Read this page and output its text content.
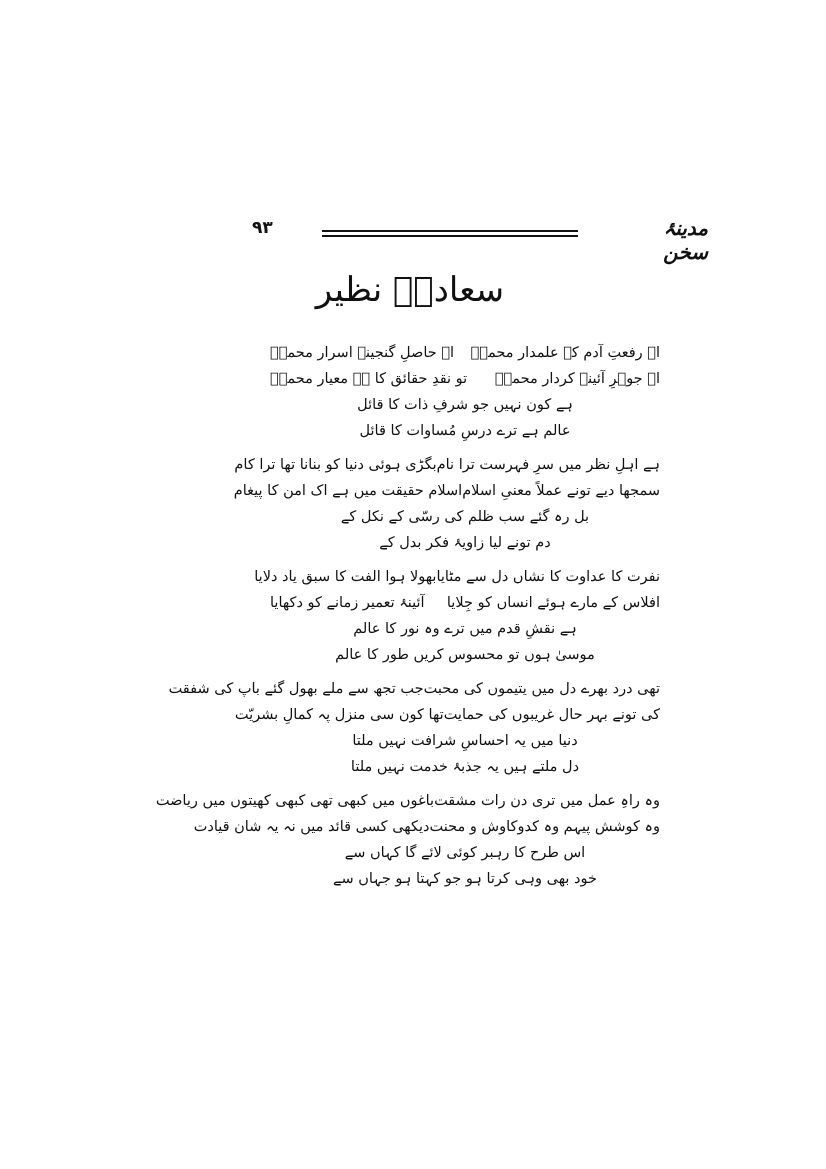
مدینۂ سخن
۹۳
سعادتؔ نظیر
اے رفعتِ آدم کے علمدار محمدؐ
اے حاصلِ گنجینۂ اسرار محمدؐ
اے جوہرِ آئینۂ کردار محمدؐ
تو نقدِ حقائق کا ہے معیار محمدؐ
ہے کون نہیں جو شرفِ ذات کا قائل
عالم ہے ترے درسِ مُساوات کا قائل
ہے اہلِ نظر میں سرِ فہرست ترا نام
بگڑی ہوئی دنیا کو بنانا تھا ترا کام
سمجھا دیے تونے عملاً معنیِ اسلام
اسلام حقیقت میں ہے اک امن کا پیغام
بل رہ گئے سب ظلم کی رسّی کے نکل کے
دم تونے لیا زاویۂ فکر بدل کے
نفرت کا عداوت کا نشاں دل سے مٹایا
بھولا ہوا الفت کا سبق یاد دلایا
افلاس کے مارے ہوئے انساں کو جِلایا
آئینۂ تعمیر زمانے کو دکھایا
ہے نقشِ قدم میں ترے وہ نور کا عالم
موسیٰ ہوں تو محسوس کریں طور کا عالم
تھی درد بھرے دل میں یتیموں کی محبت
جب تجھ سے ملے بھول گئے باپ کی شفقت
کی تونے بہر حال غریبوں کی حمایت
تھا کون سی منزل پہ کمالِ بشریّت
دنیا میں یہ احساسِ شرافت نہیں ملتا
دل ملتے ہیں یہ جذبۂ خدمت نہیں ملتا
وہ راہِ عمل میں تری دن رات مشقت
باغوں میں کبھی تھی کبھی کھیتوں میں ریاضت
وہ کوشش پیہم وہ کدوکاوش و محنت
دیکھی کسی قائد میں نہ یہ شان قیادت
اس طرح کا رہبر کوئی لائے گا کہاں سے
خود بھی وہی کرتا ہو جو کہتا ہو جہاں سے
